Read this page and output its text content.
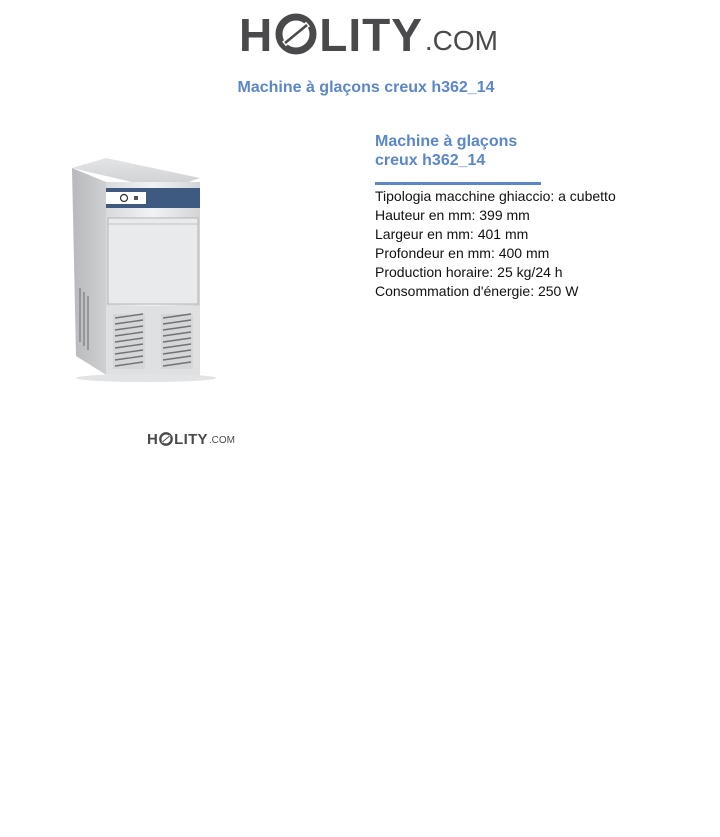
H LITY .COM
Machine à glaçons creux h362_14
H LITY .COM
Machine à glaçons
creux h362_14
Tipologia macchine ghiaccio: a cubetto
Hauteur en mm: 399 mm
Largeur en mm: 401 mm
Profondeur en mm: 400 mm
Production horaire: 25 kg/24 h
Consommation d'énergie: 250 W
